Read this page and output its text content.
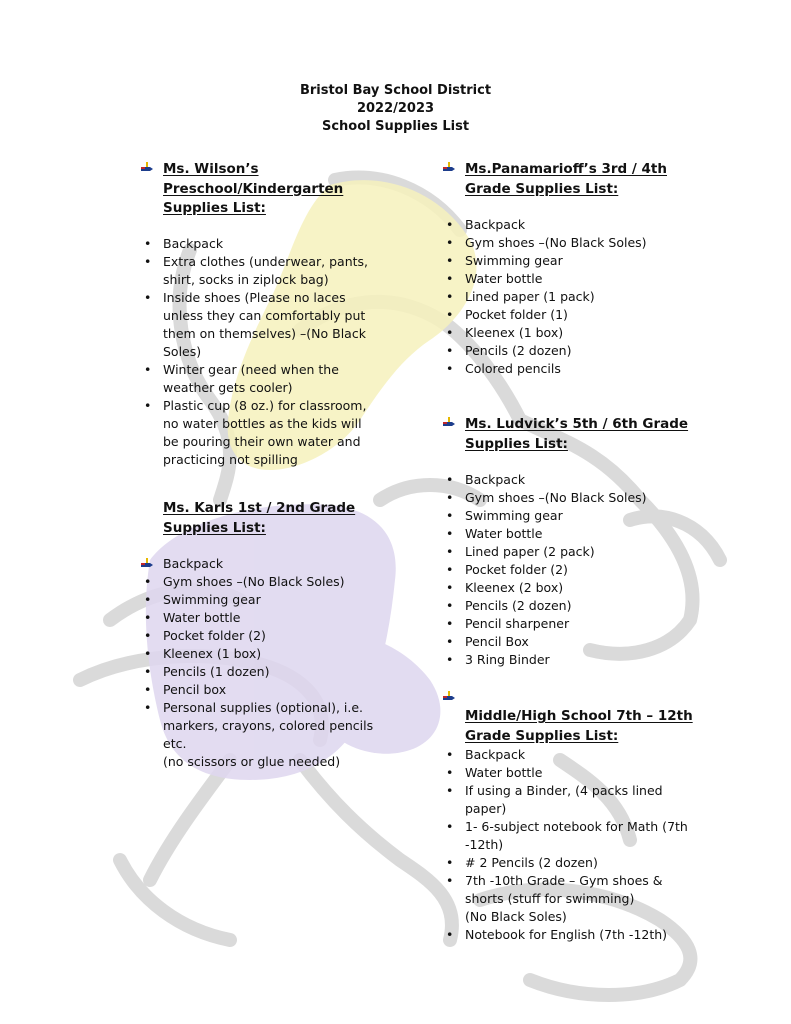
Bristol Bay School District
2022/2023
School Supplies List
Ms. Wilson’s Preschool/Kindergarten Supplies List:
• Backpack
• Extra clothes (underwear, pants, shirt, socks in ziplock bag)
• Inside shoes (Please no laces unless they can comfortably put them on themselves) –(No Black Soles)
• Winter gear (need when the weather gets cooler)
• Plastic cup (8 oz.) for classroom, no water bottles as the kids will be pouring their own water and practicing not spilling
Ms. Karls 1st / 2nd Grade Supplies List:
Backpack
• Gym shoes –(No Black Soles)
• Swimming gear
• Water bottle
• Pocket folder (2)
• Kleenex (1 box)
• Pencils (1 dozen)
• Pencil box
• Personal supplies (optional), i.e. markers, crayons, colored pencils etc.
(no scissors or glue needed)
Ms.Panamarioff’s 3rd / 4th Grade Supplies List:
• Backpack
• Gym shoes –(No Black Soles)
• Swimming gear
• Water bottle
• Lined paper (1 pack)
• Pocket folder (1)
• Kleenex (1 box)
• Pencils (2 dozen)
• Colored pencils
Ms. Ludvick’s 5th / 6th Grade Supplies List:
• Backpack
• Gym shoes –(No Black Soles)
• Swimming gear
• Water bottle
• Lined paper (2 pack)
• Pocket folder (2)
• Kleenex (2 box)
• Pencils (2 dozen)
• Pencil sharpener
• Pencil Box
• 3 Ring Binder
Middle/High School 7th – 12th Grade Supplies List:
• Backpack
• Water bottle
• If using a Binder, (4 packs lined paper)
• 1- 6-subject notebook for Math (7th -12th)
• # 2 Pencils (2 dozen)
• 7th -10th Grade – Gym shoes & shorts (stuff for swimming)
(No Black Soles)
• Notebook for English (7th -12th)
